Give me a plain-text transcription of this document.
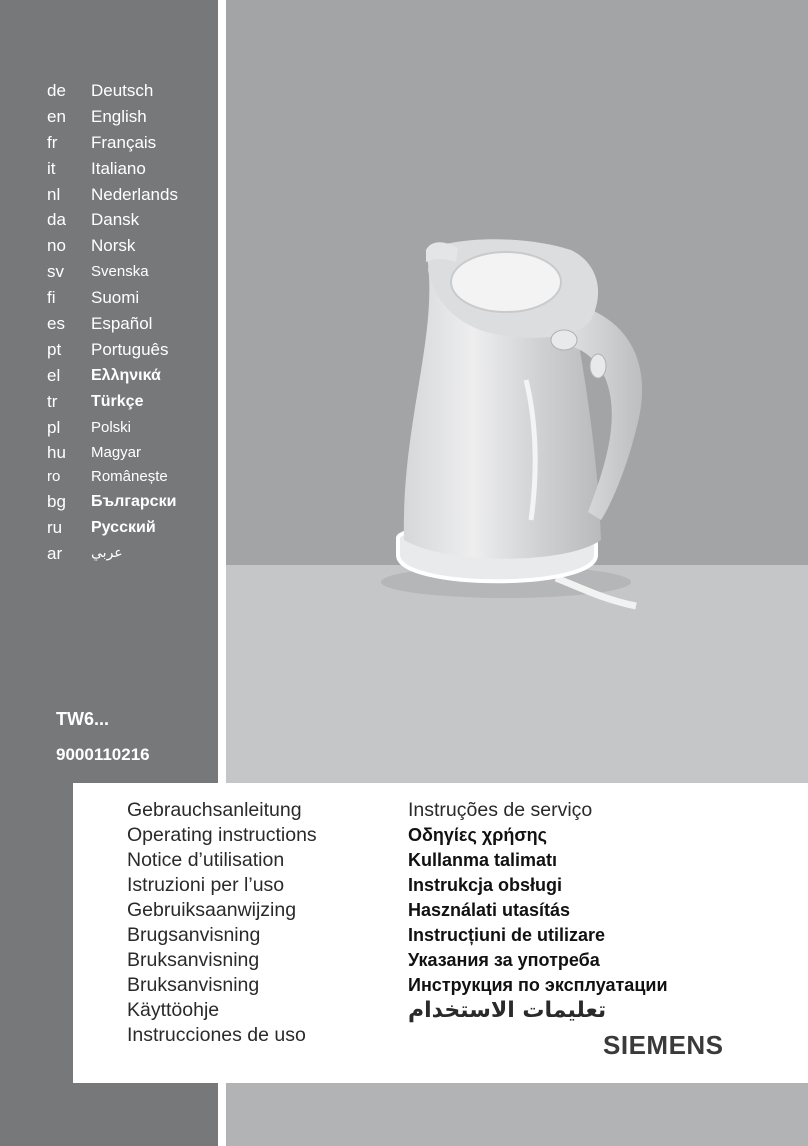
de Deutsch
en English
fr Français
it Italiano
nl Nederlands
da Dansk
no Norsk
sv Svenska
fi Suomi
es Español
pt Português
el Ελληνικά
tr Türkçe
pl Polski
hu Magyar
ro Românește
bg Български
ru Русский
ar عربي
TW6...
9000110216
Gebrauchsanleitung
Operating instructions
Notice d’utilisation
Istruzioni per l’uso
Gebruiksaanwijzing
Brugsanvisning
Bruksanvisning
Bruksanvisning
Käyttöohje
Instrucciones de uso
Instruções de serviço
Οδηγίες χρήσης
Kullanma talimatı
Instrukcja obsługi
Használati utasítás
Instrucțiuni de utilizare
Указания за употреба
Инструкция по эксплуатации
تعليمات الاستخدام
SIEMENS
